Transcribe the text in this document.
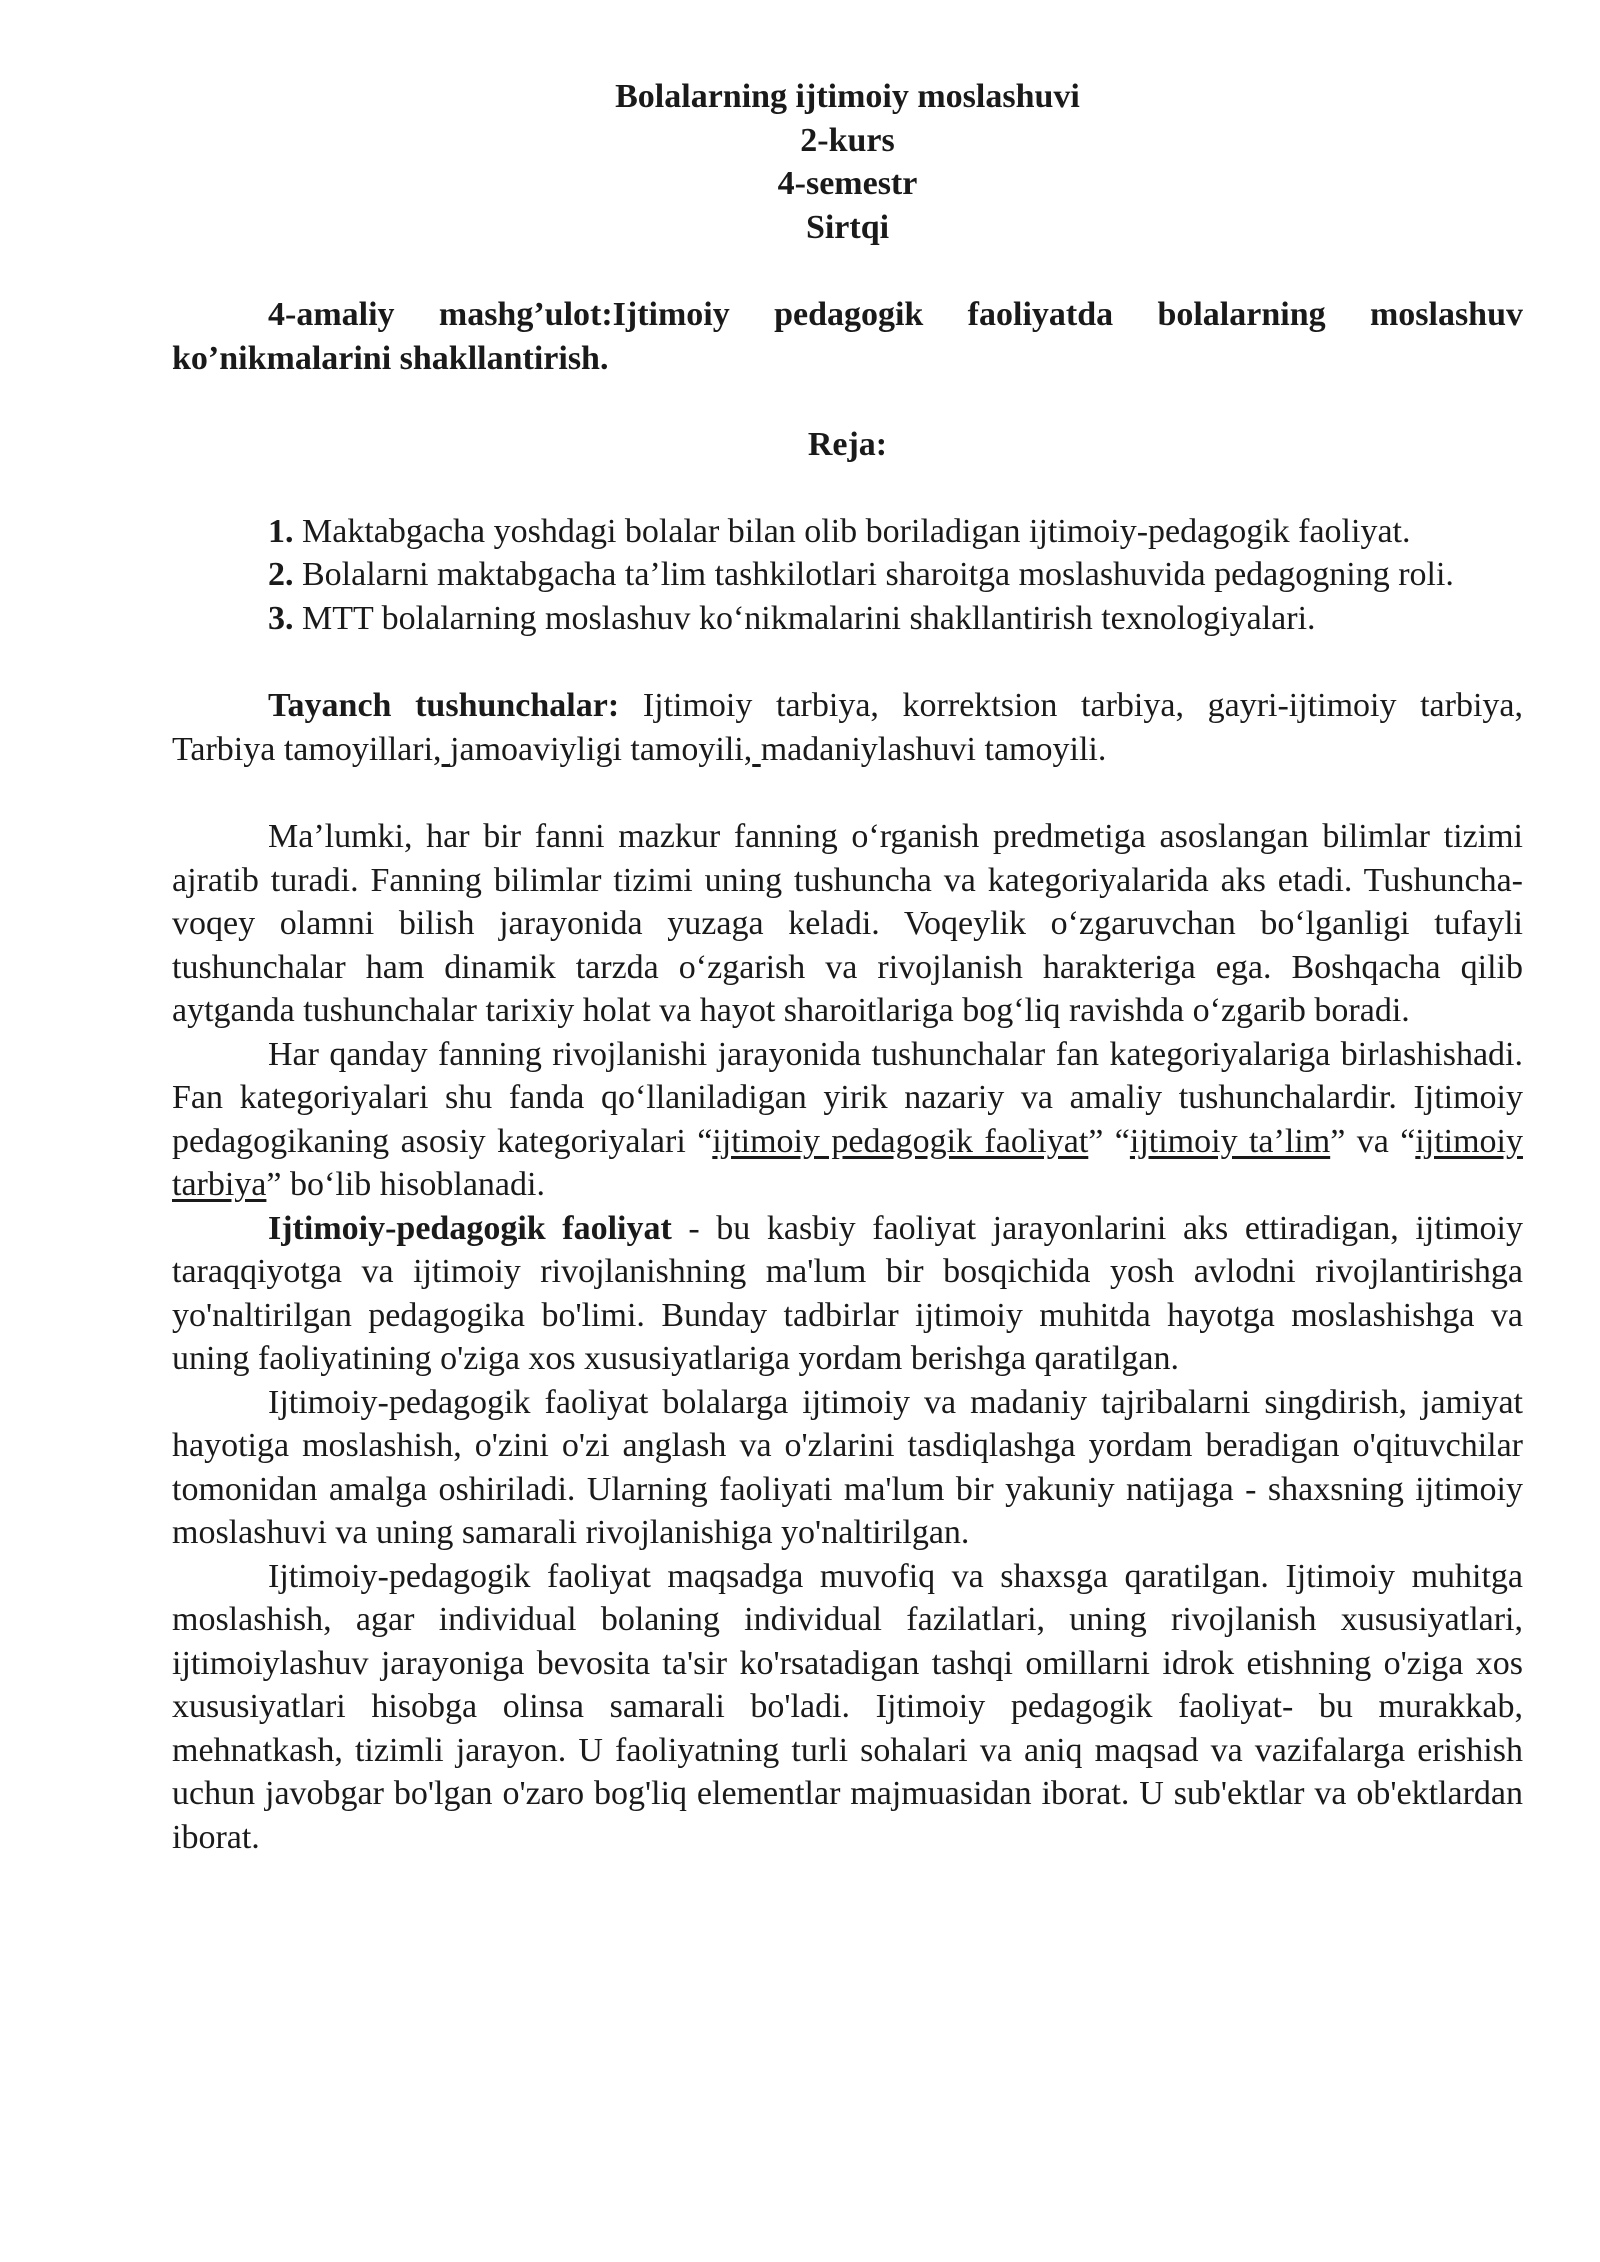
Bolalarning ijtimoiy moslashuvi
2-kurs
4-semestr
Sirtqi

4-amaliy mashg’ulot:Ijtimoiy pedagogik faoliyatda bolalarning moslashuv ko’nikmalarini shakllantirish.

Reja:

1. Maktabgacha yoshdagi bolalar bilan olib boriladigan ijtimoiy-pedagogik faoliyat.

2. Bolalarni maktabgacha ta’lim tashkilotlari sharoitga moslashuvida pedagogning roli.

3. MTT bolalarning moslashuv ko‘nikmalarini shakllantirish texnologiyalari.

Tayanch tushunchalar: Ijtimoiy tarbiya, korrektsion tarbiya, gayri-ijtimoiy tarbiya, Tarbiya tamoyillari, jamoaviyligi tamoyili, madaniylashuvi tamoyili.

Ma’lumki, har bir fanni mazkur fanning o‘rganish predmetiga asoslangan bilimlar tizimi ajratib turadi. Fanning bilimlar tizimi uning tushuncha va kategoriyalarida aks etadi. Tushuncha-voqey olamni bilish jarayonida yuzaga keladi. Voqeylik o‘zgaruvchan bo‘lganligi tufayli tushunchalar ham dinamik tarzda o‘zgarish va rivojlanish harakteriga ega. Boshqacha qilib aytganda tushunchalar tarixiy holat va hayot sharoitlariga bog‘liq ravishda o‘zgarib boradi.

Har qanday fanning rivojlanishi jarayonida tushunchalar fan kategoriyalariga birlashishadi. Fan kategoriyalari shu fanda qo‘llaniladigan yirik nazariy va amaliy tushunchalardir. Ijtimoiy pedagogikaning asosiy kategoriyalari “ijtimoiy pedagogik faoliyat” “ijtimoiy ta’lim” va “ijtimoiy tarbiya” bo‘lib hisoblanadi.

Ijtimoiy-pedagogik faoliyat - bu kasbiy faoliyat jarayonlarini aks ettiradigan, ijtimoiy taraqqiyotga va ijtimoiy rivojlanishning ma'lum bir bosqichida yosh avlodni rivojlantirishga yo'naltirilgan pedagogika bo'limi. Bunday tadbirlar ijtimoiy muhitda hayotga moslashishga va uning faoliyatining o'ziga xos xususiyatlariga yordam berishga qaratilgan.

Ijtimoiy-pedagogik faoliyat bolalarga ijtimoiy va madaniy tajribalarni singdirish, jamiyat hayotiga moslashish, o'zini o'zi anglash va o'zlarini tasdiqlashga yordam beradigan o'qituvchilar tomonidan amalga oshiriladi. Ularning faoliyati ma'lum bir yakuniy natijaga - shaxsning ijtimoiy moslashuvi va uning samarali rivojlanishiga yo'naltirilgan.

Ijtimoiy-pedagogik faoliyat maqsadga muvofiq va shaxsga qaratilgan. Ijtimoiy muhitga moslashish, agar individual bolaning individual fazilatlari, uning rivojlanish xususiyatlari, ijtimoiylashuv jarayoniga bevosita ta'sir ko'rsatadigan tashqi omillarni idrok etishning o'ziga xos xususiyatlari hisobga olinsa samarali bo'ladi. Ijtimoiy pedagogik faoliyat- bu murakkab, mehnatkash, tizimli jarayon. U faoliyatning turli sohalari va aniq maqsad va vazifalarga erishish uchun javobgar bo'lgan o'zaro bog'liq elementlar majmuasidan iborat. U sub'ektlar va ob'ektlardan iborat.
